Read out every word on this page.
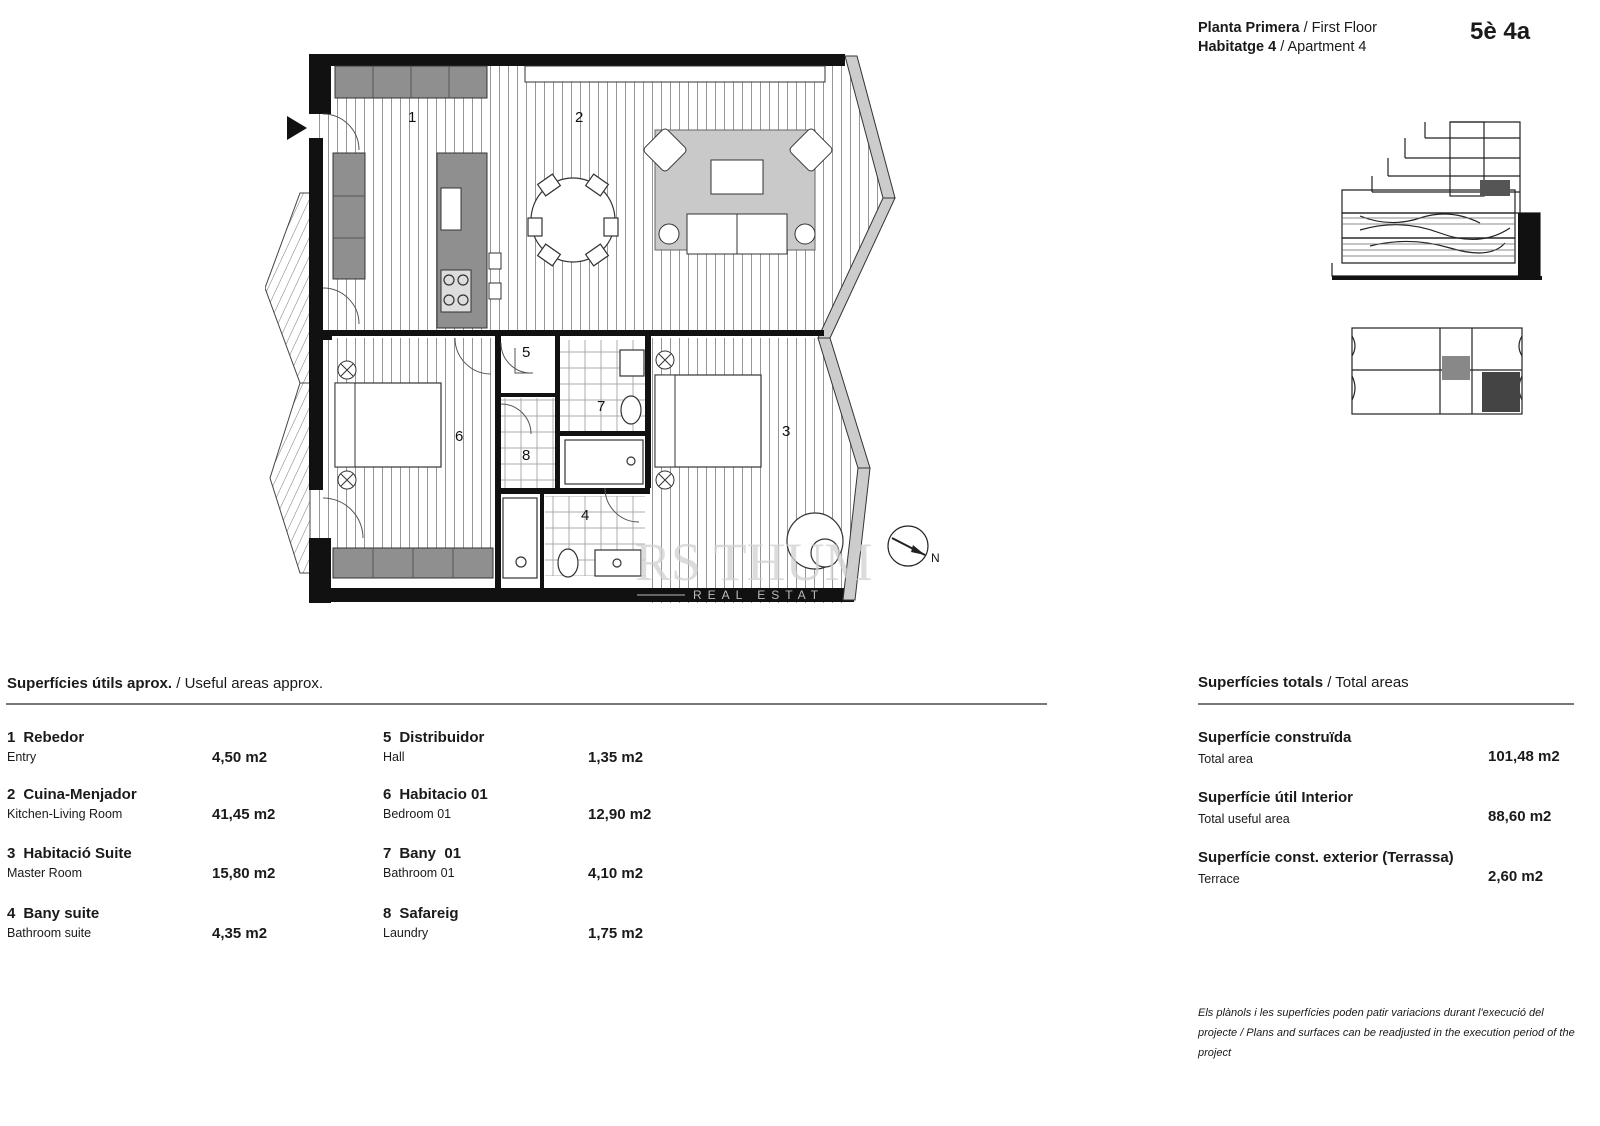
Planta Primera / First Floor
Habitatge 4 / Apartment 4
5è 4a
1	2
3
4
5
6
7
8
RS THUM
REAL ESTAT
N
Superfícies útils aprox. / Useful areas approx.
1 Rebedor
Entry	4,50 m2
2 Cuina-Menjador
Kitchen-Living Room	41,45 m2
3 Habitació Suite
Master Room	15,80 m2
4 Bany suite
Bathroom suite	4,35 m2
5 Distribuidor
Hall	1,35 m2
6 Habitacio 01
Bedroom 01	12,90 m2
7 Bany  01
Bathroom 01	4,10 m2
8 Safareig
Laundry	1,75 m2
Superfícies totals / Total areas
Superfície construïda
Total area	101,48 m2
Superfície útil Interior
Total useful area	88,60 m2
Superfície const. exterior (Terrassa)
Terrace	2,60 m2
Els plànols i les superfícies poden patir variacions durant l'execució del projecte / Plans and surfaces can be readjusted in the execution period of the project
